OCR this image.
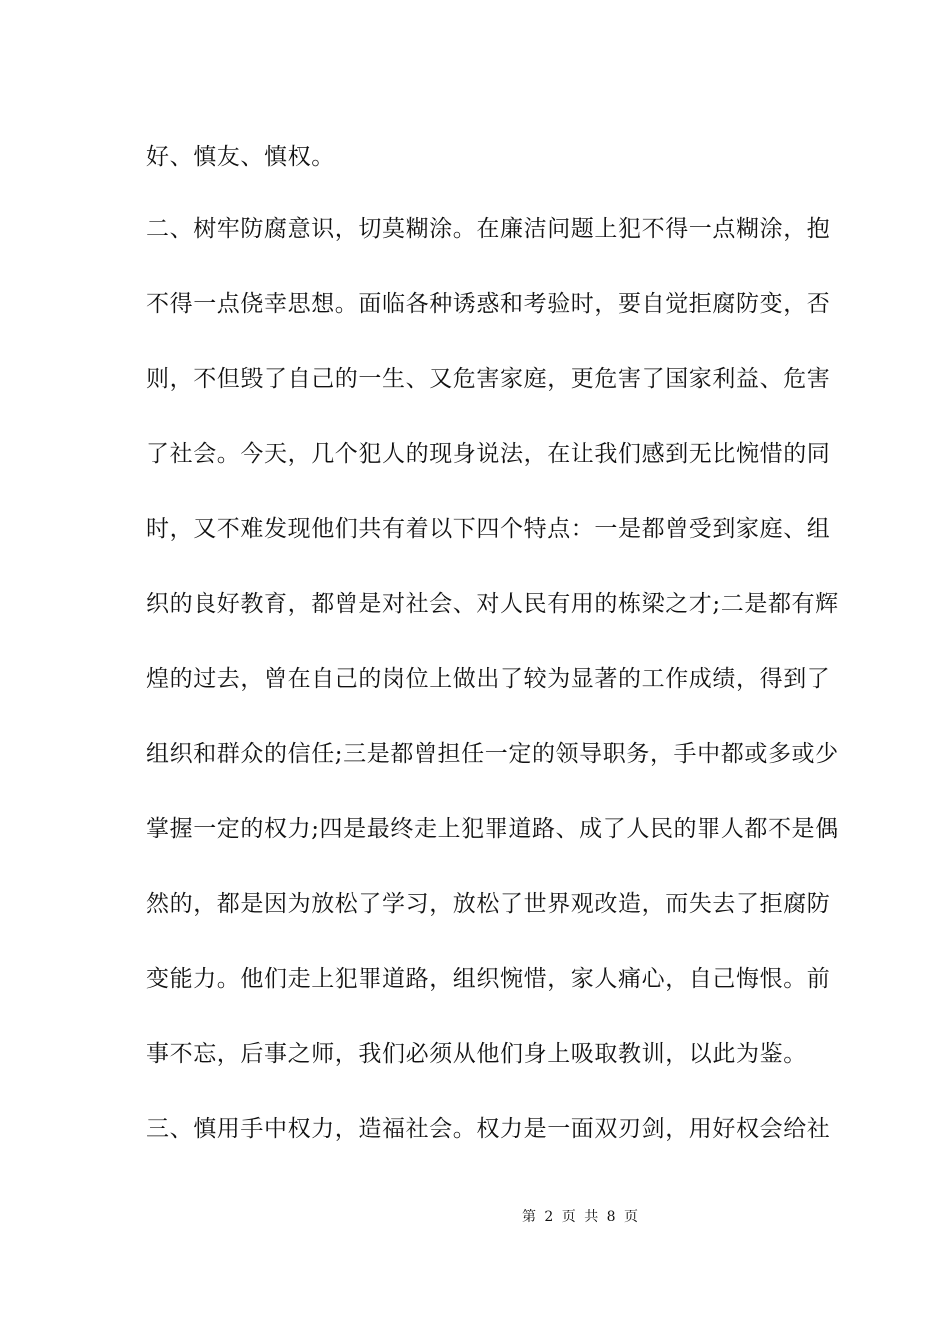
好、慎友、慎权。
二、树牢防腐意识，切莫糊涂。在廉洁问题上犯不得一点糊涂，抱
不得一点侥幸思想。面临各种诱惑和考验时，要自觉拒腐防变，否
则，不但毁了自己的一生、又危害家庭，更危害了国家利益、危害
了社会。今天，几个犯人的现身说法，在让我们感到无比惋惜的同
时，又不难发现他们共有着以下四个特点：一是都曾受到家庭、组
织的良好教育，都曾是对社会、对人民有用的栋梁之才;二是都有辉
煌的过去，曾在自己的岗位上做出了较为显著的工作成绩，得到了
组织和群众的信任;三是都曾担任一定的领导职务，手中都或多或少
掌握一定的权力;四是最终走上犯罪道路、成了人民的罪人都不是偶
然的，都是因为放松了学习，放松了世界观改造，而失去了拒腐防
变能力。他们走上犯罪道路，组织惋惜，家人痛心，自己悔恨。前
事不忘，后事之师，我们必须从他们身上吸取教训，以此为鉴。
三、慎用手中权力，造福社会。权力是一面双刃剑，用好权会给社
第 2 页 共 8 页
